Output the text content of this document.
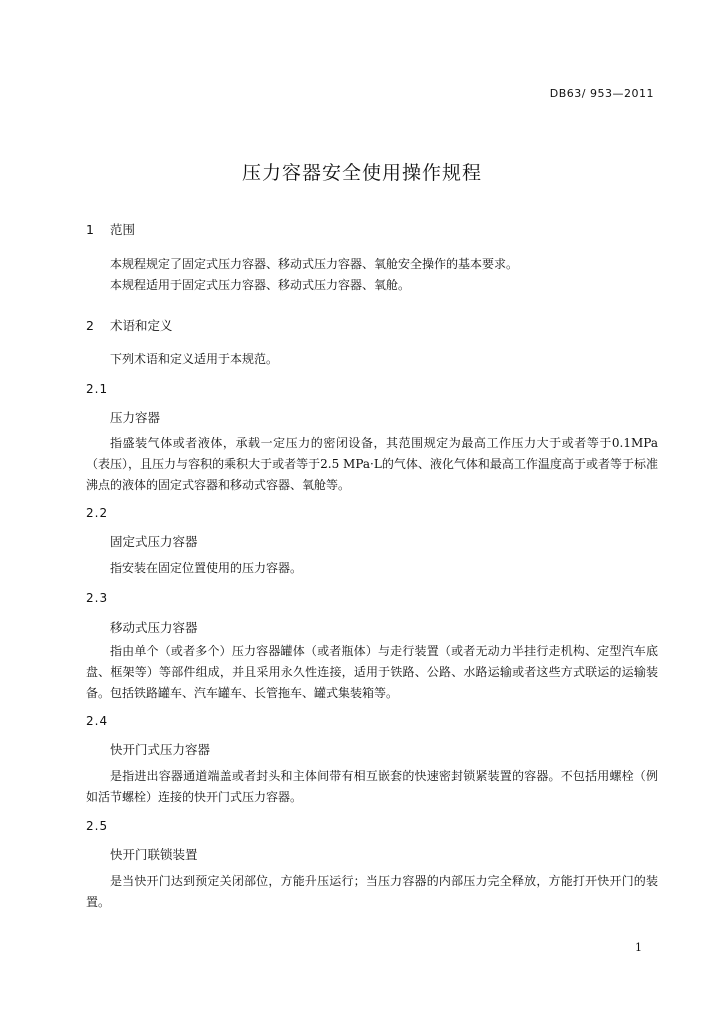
DB63/ 953—2011
压力容器安全使用操作规程
1 范围

本规程规定了固定式压力容器、移动式压力容器、氧舱安全操作的基本要求。

本规程适用于固定式压力容器、移动式压力容器、氧舱。

2 术语和定义

下列术语和定义适用于本规范。

2.1
压力容器

指盛装气体或者液体，承载一定压力的密闭设备，其范围规定为最高工作压力大于或者等于0.1MPa（表压），且压力与容积的乘积大于或者等于2.5 MPa·L的气体、液化气体和最高工作温度高于或者等于标准沸点的液体的固定式容器和移动式容器、氧舱等。

2.2
固定式压力容器

指安装在固定位置使用的压力容器。

2.3
移动式压力容器

指由单个（或者多个）压力容器罐体（或者瓶体）与走行装置（或者无动力半挂行走机构、定型汽车底盘、框架等）等部件组成，并且采用永久性连接，适用于铁路、公路、水路运输或者这些方式联运的运输装备。包括铁路罐车、汽车罐车、长管拖车、罐式集装箱等。

2.4
快开门式压力容器

是指进出容器通道端盖或者封头和主体间带有相互嵌套的快速密封锁紧装置的容器。不包括用螺栓（例如活节螺栓）连接的快开门式压力容器。

2.5
快开门联锁装置

是当快开门达到预定关闭部位，方能升压运行；当压力容器的内部压力完全释放，方能打开快开门的装置。

1
